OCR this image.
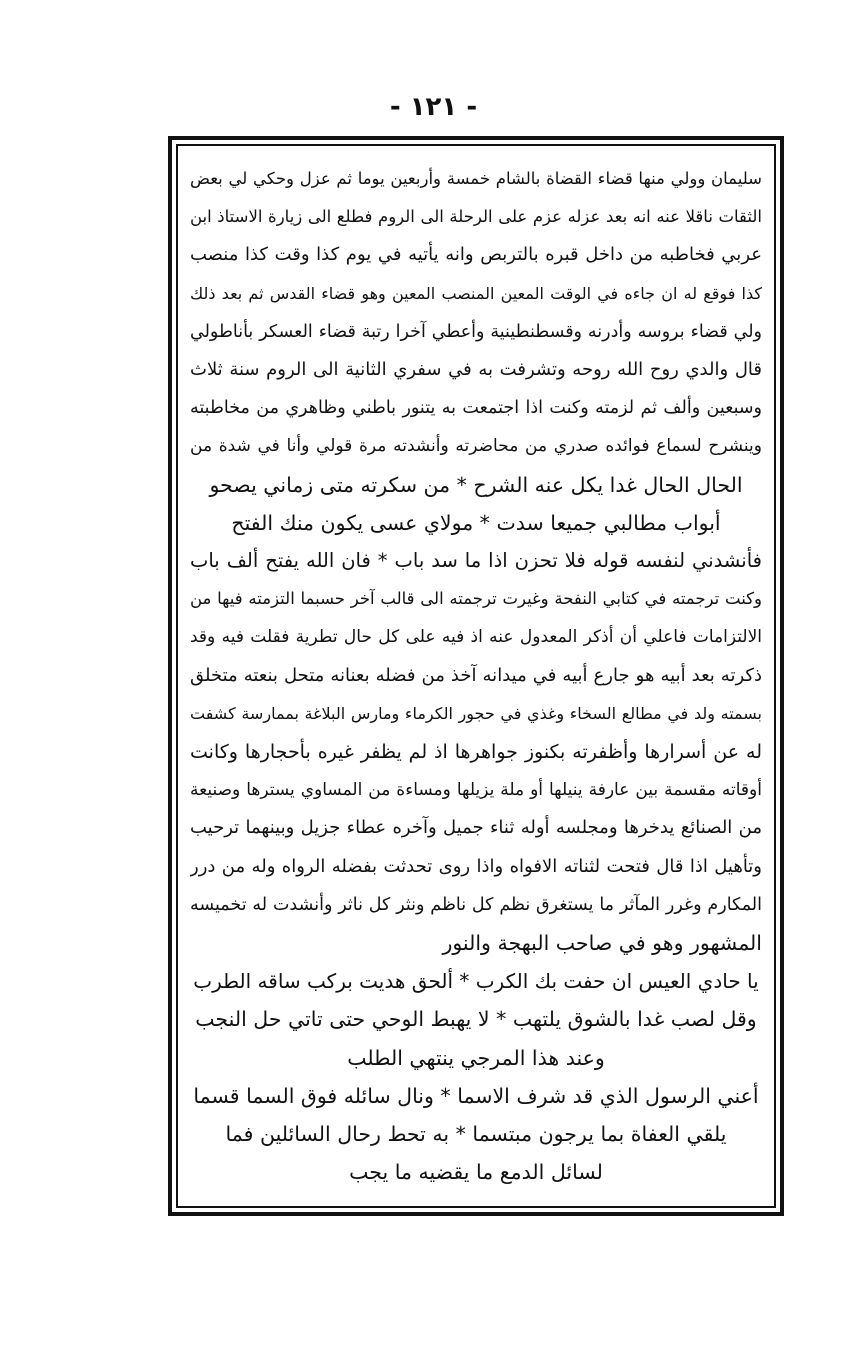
- ١٢١ -
سليمان وولي منها قضاء القضاة بالشام خمسة وأربعين يوما ثم عزل وحكي لي بعض
الثقات ناقلا عنه انه بعد عزله عزم على الرحلة الى الروم فطلع الى زيارة الاستاذ ابن
عربي فخاطبه من داخل قبره بالتربص وانه يأتيه في يوم كذا وقت كذا منصب
كذا فوقع له ان جاءه في الوقت المعين المنصب المعين وهو قضاء القدس ثم بعد ذلك
ولي قضاء بروسه وأدرنه وقسطنطينية وأعطي آخرا رتبة قضاء العسكر بأناطولي
قال والدي روح الله روحه وتشرفت به في سفري الثانية الى الروم سنة ثلاث
وسبعين وألف ثم لزمته وكنت اذا اجتمعت به يتنور باطني وظاهري من مخاطبته
وينشرح لسماع فوائده صدري من محاضرته وأنشدته مرة قولي وأنا في شدة من
الحال الحال غدا يكل عنه الشرح * من سكرته متى زماني يصحو
أبواب مطالبي جميعا سدت * مولاي عسى يكون منك الفتح
فأنشدني لنفسه قوله فلا تحزن اذا ما سد باب * فان الله يفتح ألف باب
وكنت ترجمته في كتابي النفحة وغيرت ترجمته الى قالب آخر حسبما التزمته فيها من
الالتزامات فاعلي أن أذكر المعدول عنه اذ فيه على كل حال تطرية فقلت فيه وقد
ذكرته بعد أبيه هو جارع أبيه في ميدانه آخذ من فضله بعنانه متحل بنعته متخلق
بسمته ولد في مطالع السخاء وغذي في حجور الكرماء ومارس البلاغة بممارسة كشفت
له عن أسرارها وأظفرته بكنوز جواهرها اذ لم يظفر غيره بأحجارها وكانت
أوقاته مقسمة بين عارفة ينيلها أو ملة يزيلها ومساءة من المساوي يسترها وصنيعة
من الصنائع يدخرها ومجلسه أوله ثناء جميل وآخره عطاء جزيل وبينهما ترحيب
وتأهيل اذا قال فتحت لثناته الافواه واذا روى تحدثت بفضله الرواه وله من درر
المكارم وغرر المآثر ما يستغرق نظم كل ناظم ونثر كل ناثر وأنشدت له تخميسه
المشهور وهو في صاحب البهجة والنور
يا حادي العيس ان حفت بك الكرب * ألحق هديت بركب ساقه الطرب
وقل لصب غدا بالشوق يلتهب * لا يهبط الوحي حتى تاتي حل النجب
وعند هذا المرجي ينتهي الطلب
أعني الرسول الذي قد شرف الاسما * ونال سائله فوق السما قسما
يلقي العفاة بما يرجون مبتسما * به تحط رحال السائلين فما
لسائل الدمع ما يقضيه ما يجب
